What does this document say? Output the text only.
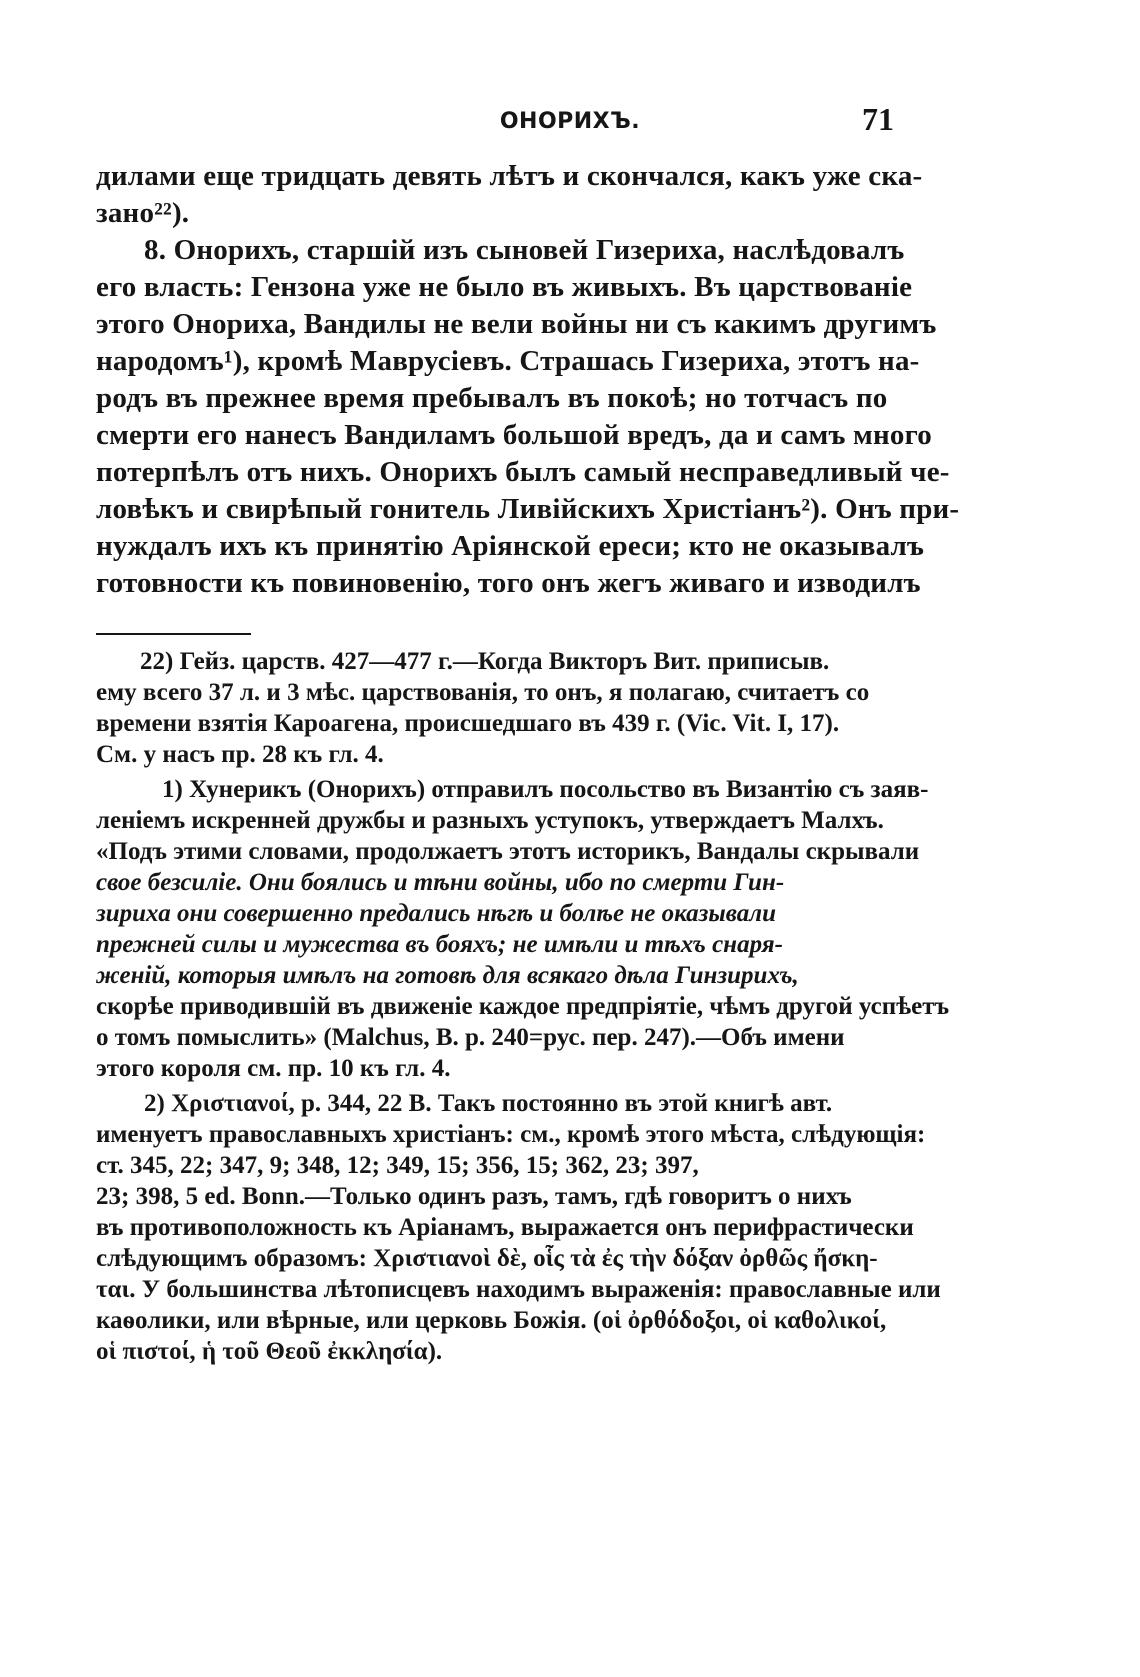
ОНОРИХЪ.	71
дилами еще тридцать девять лѣтъ и скончался, какъ уже ска-
зано²²).
8. Онорихъ, старшій изъ сыновей Гизериха, наслѣдовалъ
его власть: Гензона уже не было въ живыхъ. Въ царствованіе
этого Онориха, Вандилы не вели войны ни съ какимъ другимъ
народомъ¹), кромѣ Маврусіевъ. Страшась Гизериха, этотъ на-
родъ въ прежнее время пребывалъ въ покоѣ; но тотчасъ по
смерти его нанесъ Вандиламъ большой вредъ, да и самъ много
потерпѣлъ отъ нихъ. Онорихъ былъ самый несправедливый че-
ловѣкъ и свирѣпый гонитель Ливійскихъ Христіанъ²). Онъ при-
нуждалъ ихъ къ принятію Аріянской ереси; кто не оказывалъ
готовности къ повиновенію, того онъ жегъ живаго и изводилъ
22) Гейз. царств. 427—477 г.—Когда Викторъ Вит. приписыв.
ему всего 37 л. и 3 мѣс. царствованія, то онъ, я полагаю, считаетъ со
времени взятія Кароагена, происшедшаго въ 439 г. (Vic. Vit. I, 17).
См. у насъ пр. 28 къ гл. 4.
1) Хунерикъ (Онорихъ) отправилъ посольство въ Византію съ заяв-
леніемъ искренней дружбы и разныхъ уступокъ, утверждаетъ Малхъ.
«Подъ этими словами, продолжаетъ этотъ историкъ, Вандалы скрывали
свое безсиліе. Они боялись и тѣни войны, ибо по смерти Гин-
зириха они совершенно предались нѣгѣ и болѣе не оказывали
прежней силы и мужества въ бояхъ; не имѣли и тѣхъ снаря-
женій, которыя имѣлъ на готовѣ для всякаго дѣла Гинзирихъ,
скорѣе приводившій въ движеніе каждое предпріятіе, чѣмъ другой успѣетъ
о томъ помыслить» (Malchus, B. p. 240=рус. пер. 247).—Объ имени
этого короля см. пр. 10 къ гл. 4.
2) Χριστιανοί, p. 344, 22 B. Такъ постоянно въ этой книгѣ авт.
именуетъ православныхъ христіанъ: см., кромѣ этого мѣста, слѣдующія:
ст. 345, 22; 347, 9; 348, 12; 349, 15; 356, 15; 362, 23; 397,
23; 398, 5 ed. Bonn.—Только одинъ разъ, тамъ, гдѣ говоритъ о нихъ
въ противоположность къ Аріанамъ, выражается онъ перифрастически
слѣдующимъ образомъ: Χριστιανοὶ δὲ, οἷς τὰ ἐς τὴν δόξαν ὀρθῶς ἤσκη-
ται. У большинства лѣтописцевъ находимъ выраженія: православные или
каѳолики, или вѣрные, или церковь Божія. (οἱ ὀρθόδοξοι, οἱ καθολικοί,
οἱ πιστοί, ἡ τοῦ Θεοῦ ἐκκλησία).
